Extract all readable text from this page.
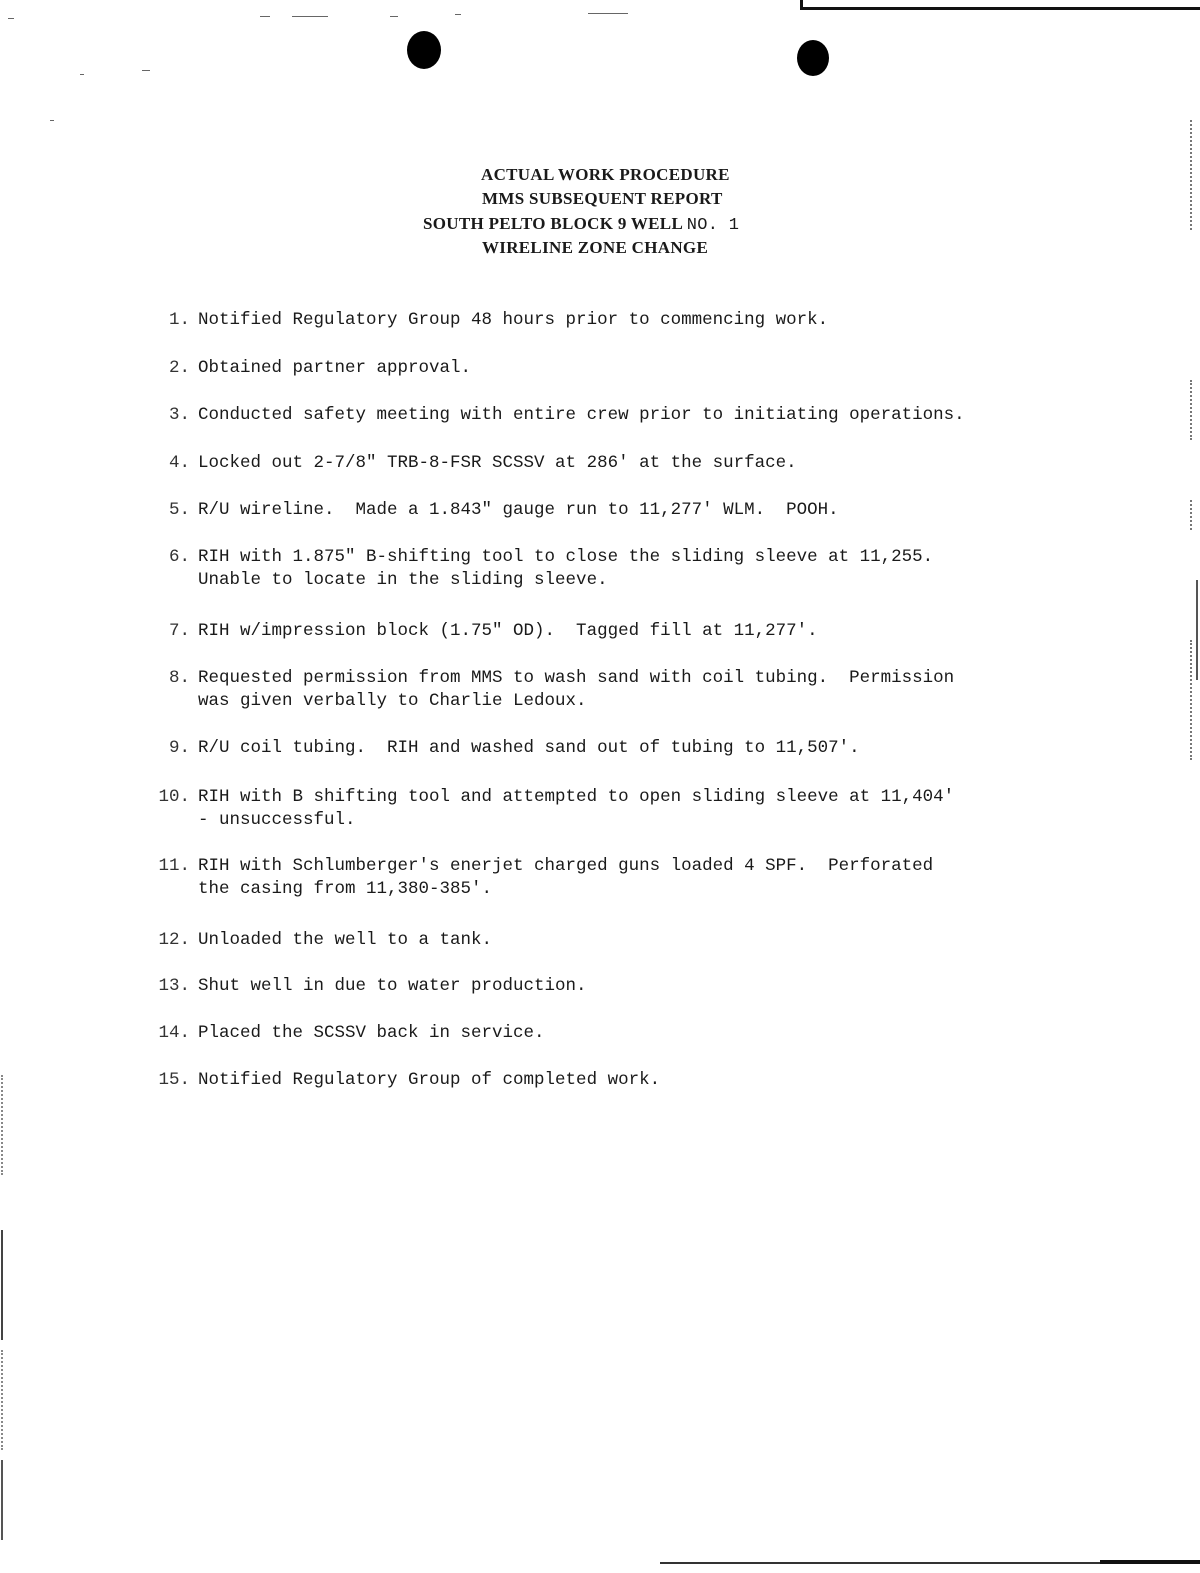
ACTUAL WORK PROCEDURE
MMS SUBSEQUENT REPORT
SOUTH PELTO BLOCK 9 WELL NO. 1
WIRELINE ZONE CHANGE
1. Notified Regulatory Group 48 hours prior to commencing work.
2. Obtained partner approval.
3. Conducted safety meeting with entire crew prior to initiating operations.
4. Locked out 2-7/8" TRB-8-FSR SCSSV at 286' at the surface.
5. R/U wireline.  Made a 1.843" gauge run to 11,277' WLM.  POOH.
6. RIH with 1.875" B-shifting tool to close the sliding sleeve at 11,255.
Unable to locate in the sliding sleeve.
7. RIH w/impression block (1.75" OD).  Tagged fill at 11,277'.
8. Requested permission from MMS to wash sand with coil tubing.  Permission
was given verbally to Charlie Ledoux.
9. R/U coil tubing.  RIH and washed sand out of tubing to 11,507'.
10. RIH with B shifting tool and attempted to open sliding sleeve at 11,404'
- unsuccessful.
11. RIH with Schlumberger's enerjet charged guns loaded 4 SPF.  Perforated
the casing from 11,380-385'.
12. Unloaded the well to a tank.
13. Shut well in due to water production.
14. Placed the SCSSV back in service.
15. Notified Regulatory Group of completed work.
